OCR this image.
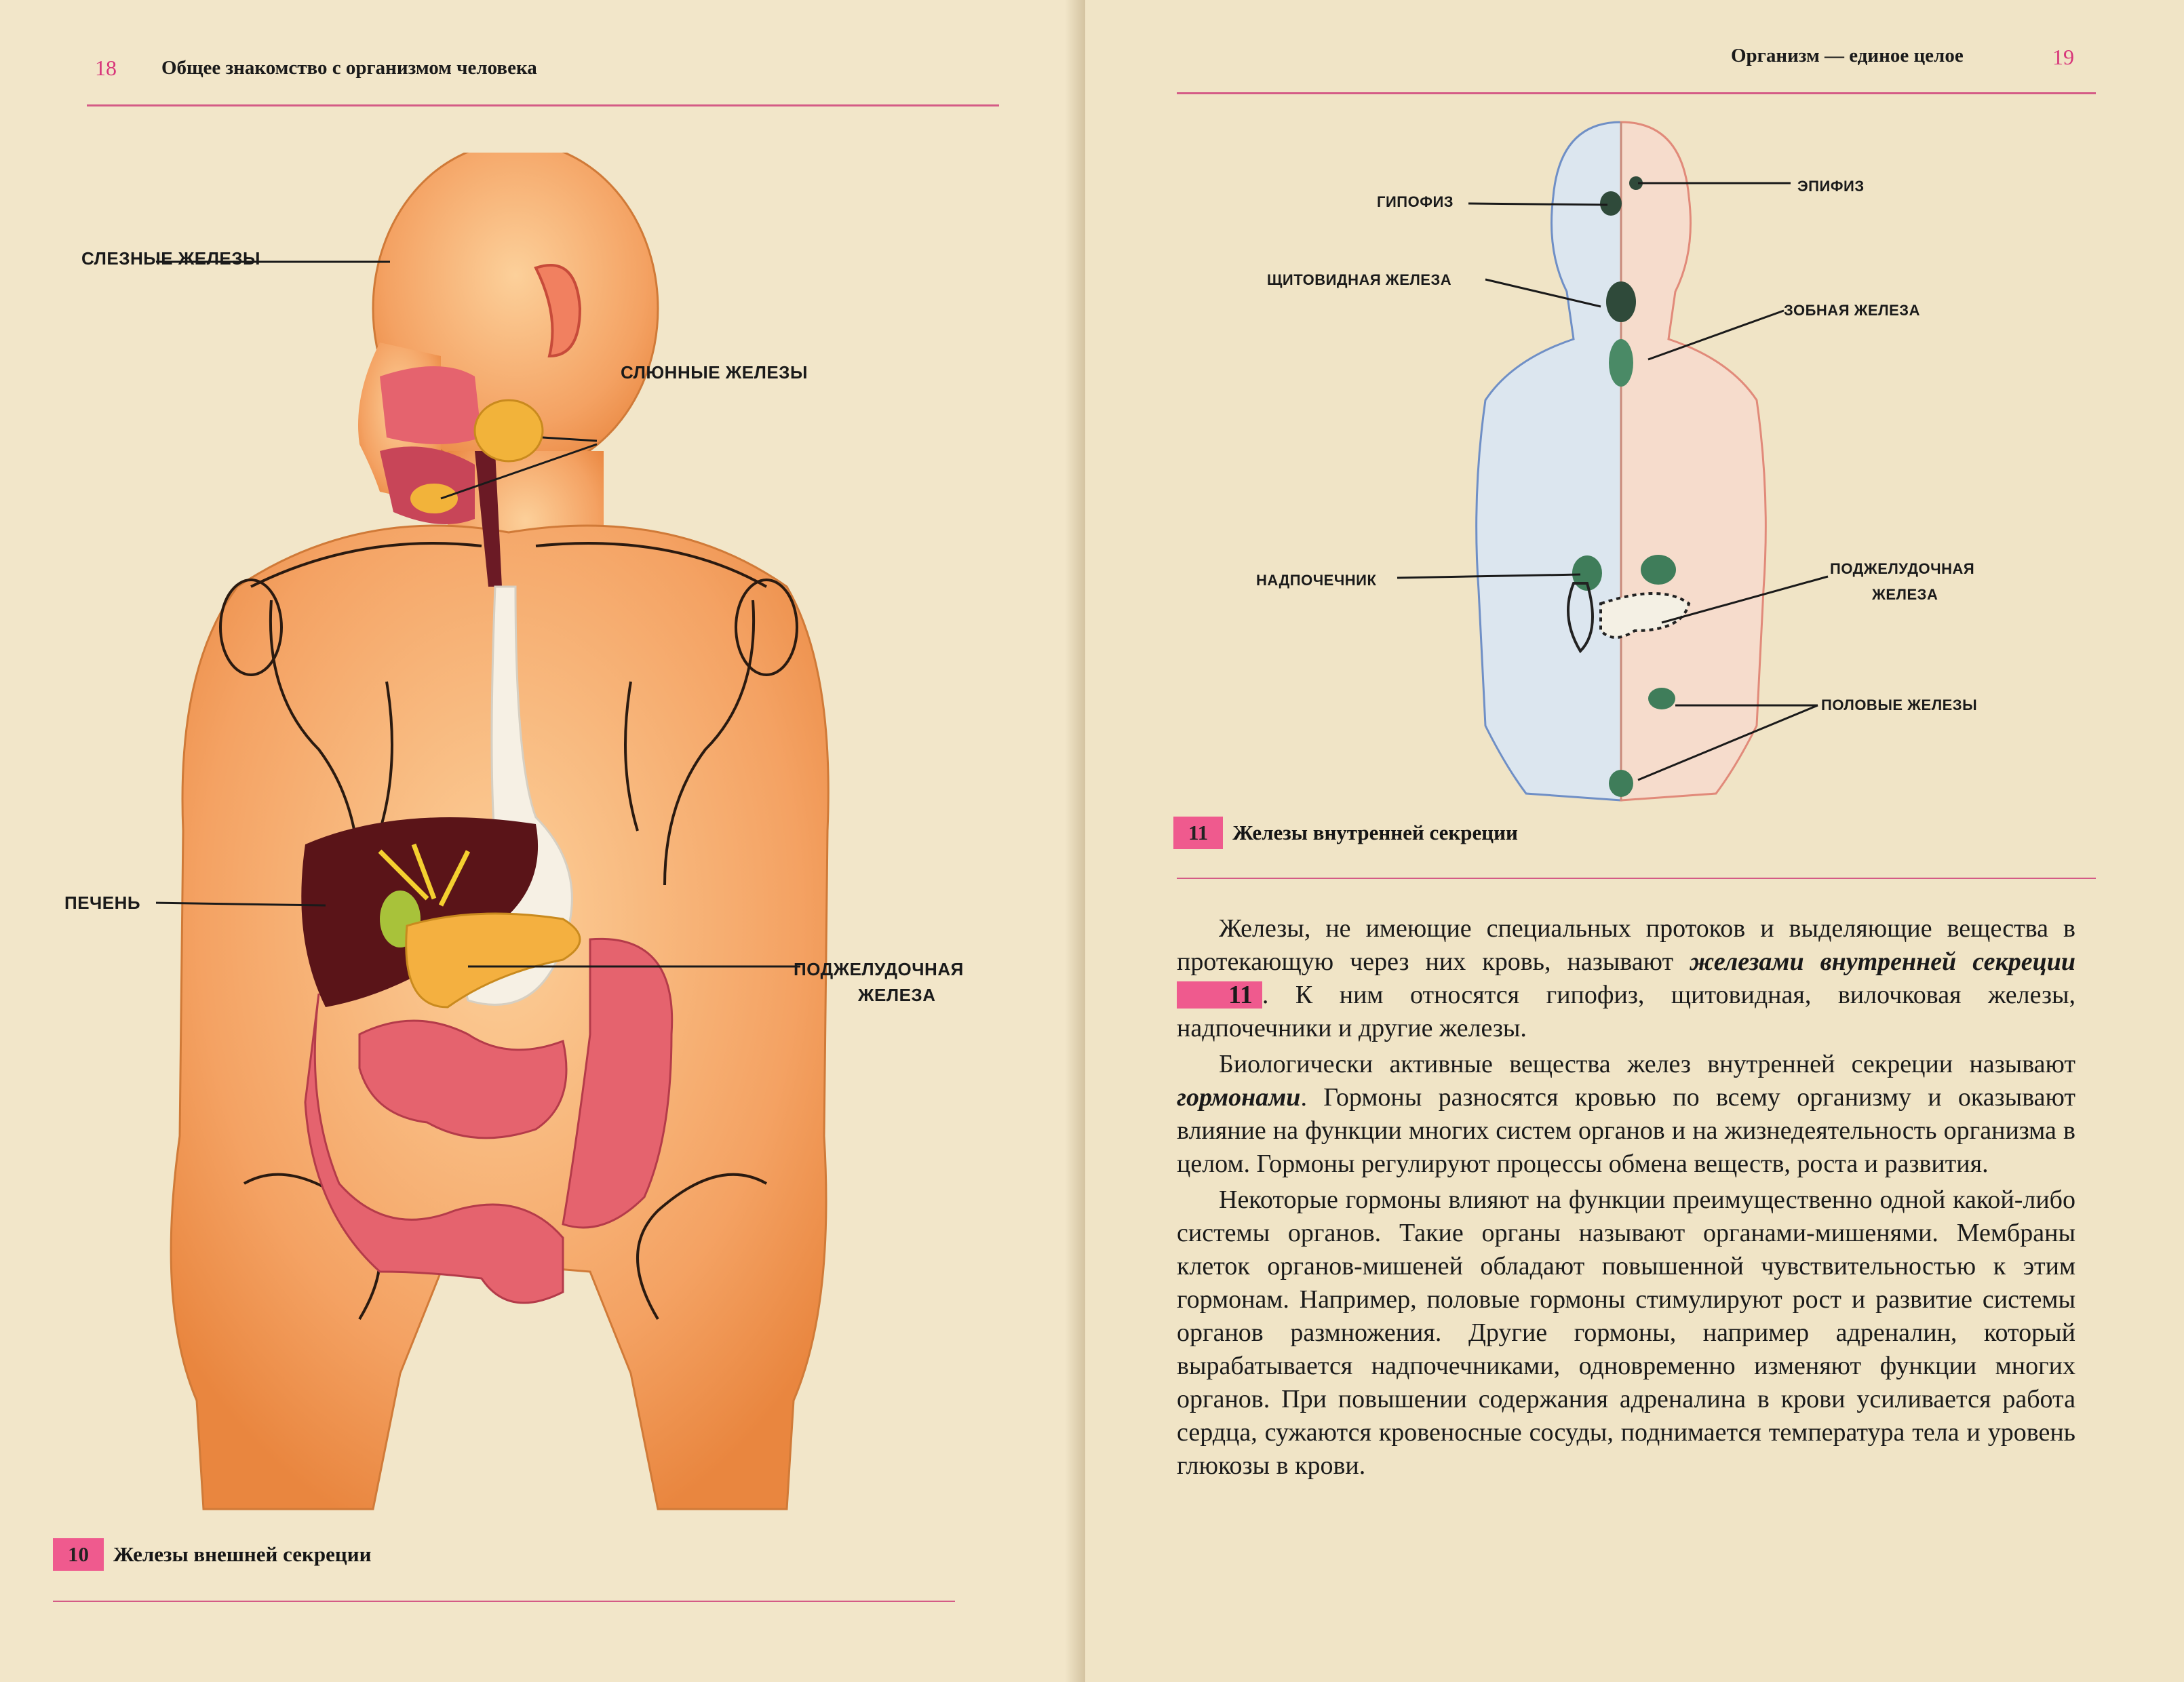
18 Общее знакомство с организмом человека
СЛЕЗНЫЕ ЖЕЛЕЗЫ
СЛЮННЫЕ ЖЕЛЕЗЫ
ПЕЧЕНЬ
ПОДЖЕЛУДОЧНАЯ
ЖЕЛЕЗА
10 Железы внешней секреции
Организм — единое целое	19
ГИПОФИЗ
ЭПИФИЗ
ЩИТОВИДНАЯ ЖЕЛЕЗА
ЗОБНАЯ ЖЕЛЕЗА
НАДПОЧЕЧНИК
ПОДЖЕЛУДОЧНАЯ
ЖЕЛЕЗА
ПОЛОВЫЕ ЖЕЛЕЗЫ
11 Железы внутренней секреции

Железы, не имеющие специальных протоков и выделяющие вещества в протекающую через них кровь, называют железами внутренней секреции 11 . К ним относятся гипофиз, щитовидная, вилочковая железы, надпочечники и другие железы.

Биологически активные вещества желез внутренней секреции называют гормонами. Гормоны разносятся кровью по всему организму и оказывают влияние на функции многих систем органов и на жизнедеятельность организма в целом. Гормоны регулируют процессы обмена веществ, роста и развития.

Некоторые гормоны влияют на функции преимущественно одной какой-либо системы органов. Такие органы называют органами-мишенями. Мембраны клеток органов-мишеней обладают повышенной чувствительностью к этим гормонам. Например, половые гормоны стимулируют рост и развитие системы органов размножения. Другие гормоны, например адреналин, который вырабатывается надпочечниками, одновременно изменяют функции многих органов. При повышении содержания адреналина в крови усиливается работа сердца, сужаются кровеносные сосуды, поднимается температура тела и уровень глюкозы в крови.
